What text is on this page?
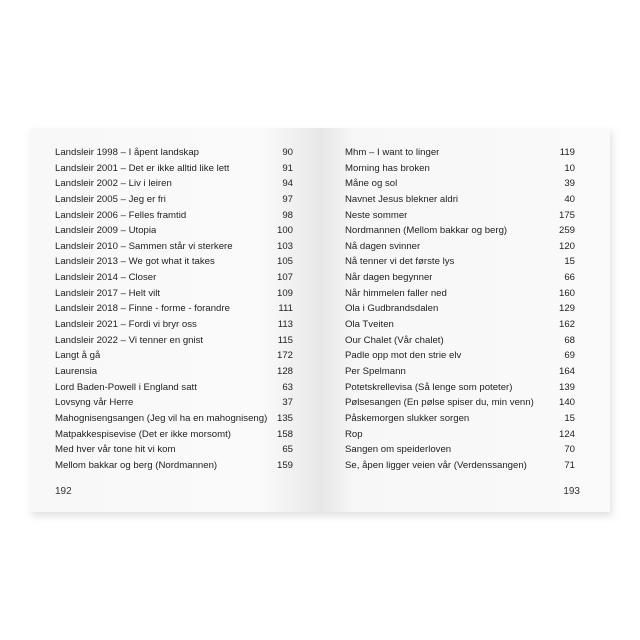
Landsleir 1998 – I åpent landskap	90
Landsleir 2001 – Det er ikke alltid like lett	91
Landsleir 2002 – Liv i leiren	94
Landsleir 2005 – Jeg er fri	97
Landsleir 2006 – Felles framtid	98
Landsleir 2009 – Utopia	100
Landsleir 2010 – Sammen står vi sterkere	103
Landsleir 2013 – We got what it takes	105
Landsleir 2014 – Closer	107
Landsleir 2017 – Helt vilt	109
Landsleir 2018 – Finne - forme - forandre	111
Landsleir 2021 – Fordi vi bryr oss	113
Landsleir 2022 – Vi tenner en gnist	115
Langt å gå	172
Laurensia	128
Lord Baden-Powell i England satt	63
Lovsyng vår Herre	37
Mahognisengsangen (Jeg vil ha en mahogniseng) 135
Matpakkespisevise (Det er ikke morsomt)	158
Med hver vår tone hit vi kom	65
Mellom bakkar og berg (Nordmannen)	159
192
Mhm – I want to linger	119
Morning has broken	10
Måne og sol	39
Navnet Jesus blekner aldri	40
Neste sommer	175
Nordmannen (Mellom bakkar og berg)	259
Nå dagen svinner	120
Nå tenner vi det første lys	15
Når dagen begynner	66
Når himmelen faller ned	160
Ola i Gudbrandsdalen	129
Ola Tveiten	162
Our Chalet (Vår chalet)	68
Padle opp mot den strie elv	69
Per Spelmann	164
Potetskrellevisa (Så lenge som poteter)	139
Pølsesangen (En pølse spiser du, min venn)	140
Påskemorgen slukker sorgen	15
Rop	124
Sangen om speiderloven	70
Se, åpen ligger veien vår (Verdenssangen)	71
193
